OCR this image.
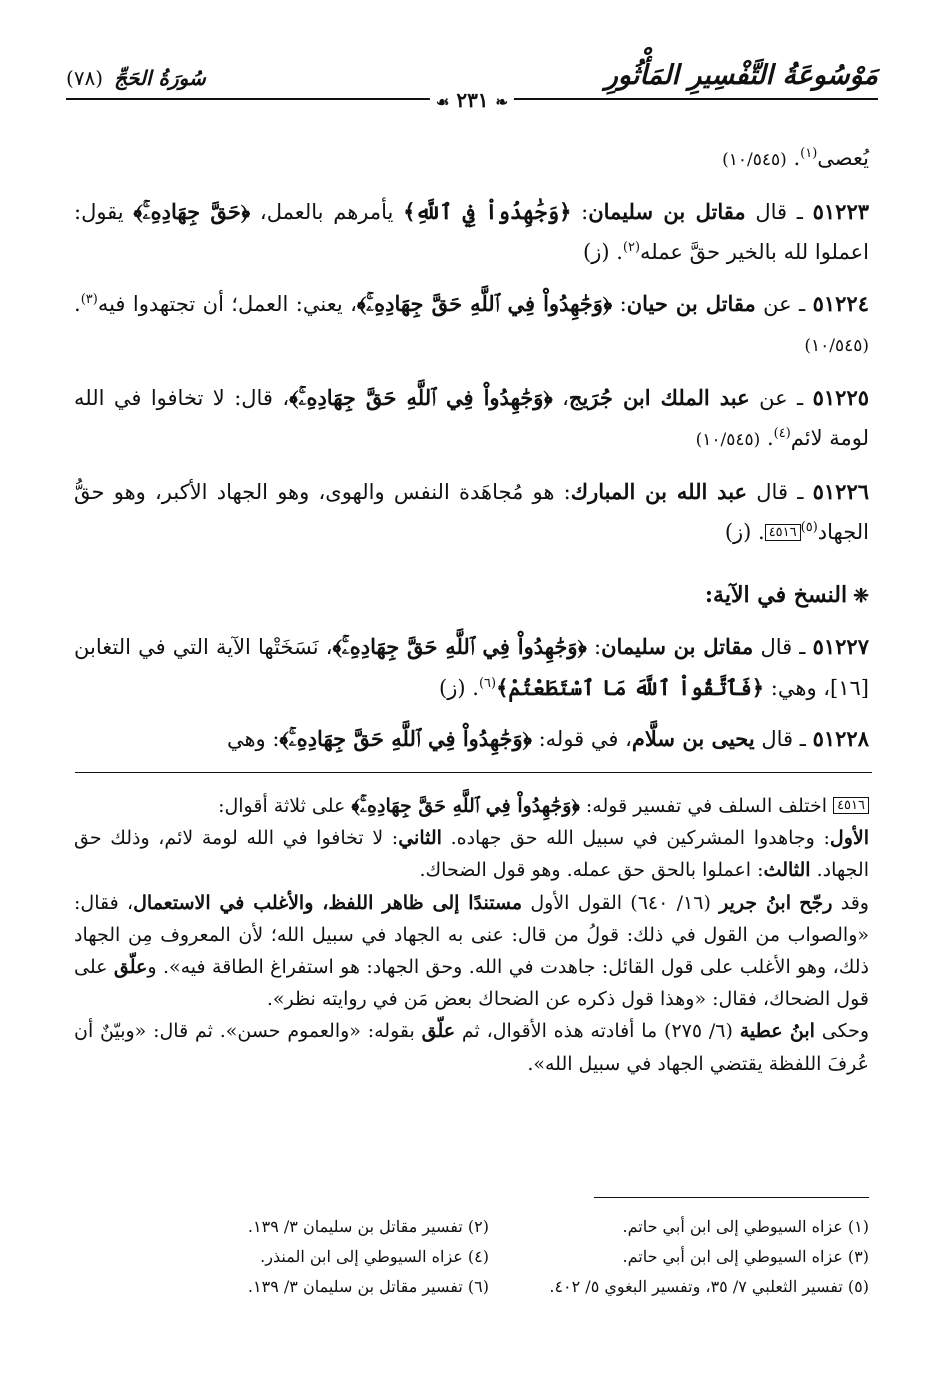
مَوْسُوعَةُ التَّفْسِيرِ المَأْثُورِ
❧ ٢٣١ ☙
سُورَةُ الحَجِّ (٧٨)

يُعصى$^{(١)}$. (١٠/٥٤٥)

٥١٢٢٣ ـ قال مقاتل بن سليمان: ﴿وَجَٰهِدُواْ فِي ٱللَّهِ﴾ يأمرهم بالعمل، ﴿حَقَّ جِهَادِهِۦۚ﴾ يقول: اعملوا لله بالخير حقَّ عمله$^{(٢)}$. (ز)

٥١٢٢٤ ـ عن مقاتل بن حيان: ﴿وَجَٰهِدُواْ فِي ٱللَّهِ حَقَّ جِهَادِهِۦۚ﴾، يعني: العمل؛ أن تجتهدوا فيه$^{(٣)}$. (١٠/٥٤٥)

٥١٢٢٥ ـ عن عبد الملك ابن جُرَيج، ﴿وَجَٰهِدُواْ فِي ٱللَّهِ حَقَّ جِهَادِهِۦۚ﴾، قال: لا تخافوا في الله لومة لائم$^{(٤)}$. (١٠/٥٤٥)

٥١٢٢٦ ـ قال عبد الله بن المبارك: هو مُجاهَدة النفس والهوى، وهو الجهاد الأكبر، وهو حقُّ الجهاد$^{(٥)}$٤٥١٦. (ز)

❈النسخ في الآية:

٥١٢٢٧ ـ قال مقاتل بن سليمان: ﴿وَجَٰهِدُواْ فِي ٱللَّهِ حَقَّ جِهَادِهِۦۚ﴾، نَسَخَتْها الآية التي في التغابن [١٦]، وهي: ﴿فَٱتَّقُواْ ٱللَّهَ مَا ٱسْتَطَعْتُمْ﴾$^{(٦)}$. (ز)

٥١٢٢٨ ـ قال يحيى بن سلَّام، في قوله: ﴿وَجَٰهِدُواْ فِي ٱللَّهِ حَقَّ جِهَادِهِۦۚ﴾: وهي

٤٥١٦ اختلف السلف في تفسير قوله: ﴿وَجَٰهِدُواْ فِي ٱللَّهِ حَقَّ جِهَادِهِۦۚ﴾ على ثلاثة أقوال:

الأول: وجاهدوا المشركين في سبيل الله حق جهاده. الثاني: لا تخافوا في الله لومة لائم، وذلك حق الجهاد. الثالث: اعملوا بالحق حق عمله. وهو قول الضحاك.

وقد رجّح ابنُ جرير (١٦/ ٦٤٠) القول الأول مستندًا إلى ظاهر اللفظ، والأغلب في الاستعمال، فقال: «والصواب من القول في ذلك: قولُ من قال: عنى به الجهاد في سبيل الله؛ لأن المعروف مِن الجهاد ذلك، وهو الأغلب على قول القائل: جاهدت في الله. وحق الجهاد: هو استفراغ الطاقة فيه». وعلّق على قول الضحاك، فقال: «وهذا قول ذكره عن الضحاك بعض مَن في روايته نظر».

وحكى ابنُ عطية (٦/ ٢٧٥) ما أفادته هذه الأقوال، ثم علّق بقوله: «والعموم حسن». ثم قال: «وبيّنٌ أن عُرفَ اللفظة يقتضي الجهاد في سبيل الله».

(١) عزاه السيوطي إلى ابن أبي حاتم.
(٢) تفسير مقاتل بن سليمان ٣/ ١٣٩.
(٣) عزاه السيوطي إلى ابن أبي حاتم.
(٤) عزاه السيوطي إلى ابن المنذر.
(٥) تفسير الثعلبي ٧/ ٣٥، وتفسير البغوي ٥/ ٤٠٢.
(٦) تفسير مقاتل بن سليمان ٣/ ١٣٩.
